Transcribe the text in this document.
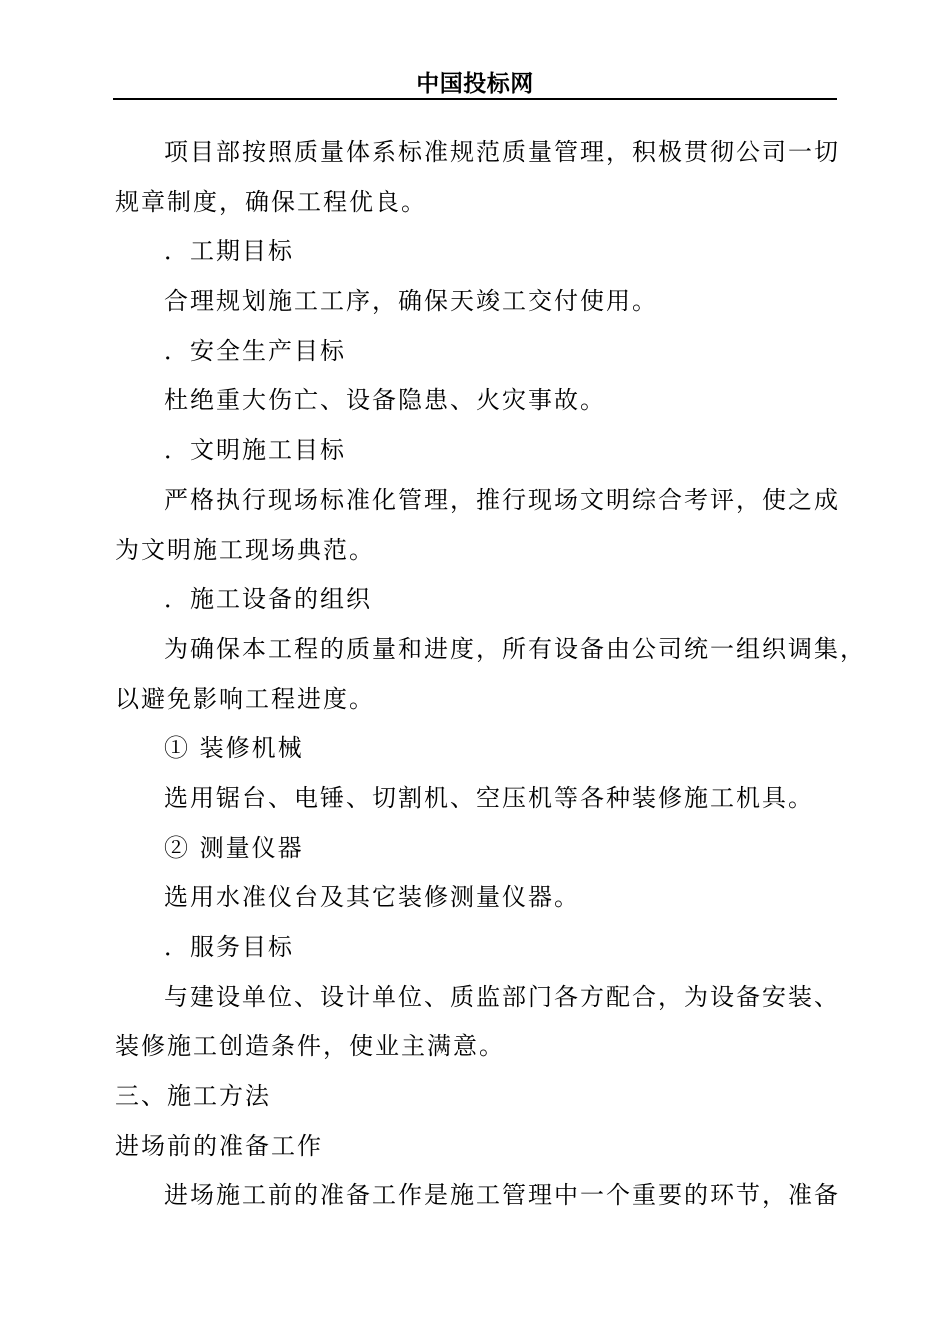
中国投标网
项目部按照质量体系标准规范质量管理，积极贯彻公司一切
规章制度，确保工程优良。
．工期目标
合理规划施工工序，确保天竣工交付使用。
．安全生产目标
杜绝重大伤亡、设备隐患、火灾事故。
．文明施工目标
严格执行现场标准化管理，推行现场文明综合考评，使之成
为文明施工现场典范。
．施工设备的组织
为确保本工程的质量和进度，所有设备由公司统一组织调集，
以避免影响工程进度。
① 装修机械
选用锯台、电锤、切割机、空压机等各种装修施工机具。
② 测量仪器
选用水准仪台及其它装修测量仪器。
．服务目标
与建设单位、设计单位、质监部门各方配合，为设备安装、
装修施工创造条件，使业主满意。
三、施工方法
进场前的准备工作
进场施工前的准备工作是施工管理中一个重要的环节，准备
